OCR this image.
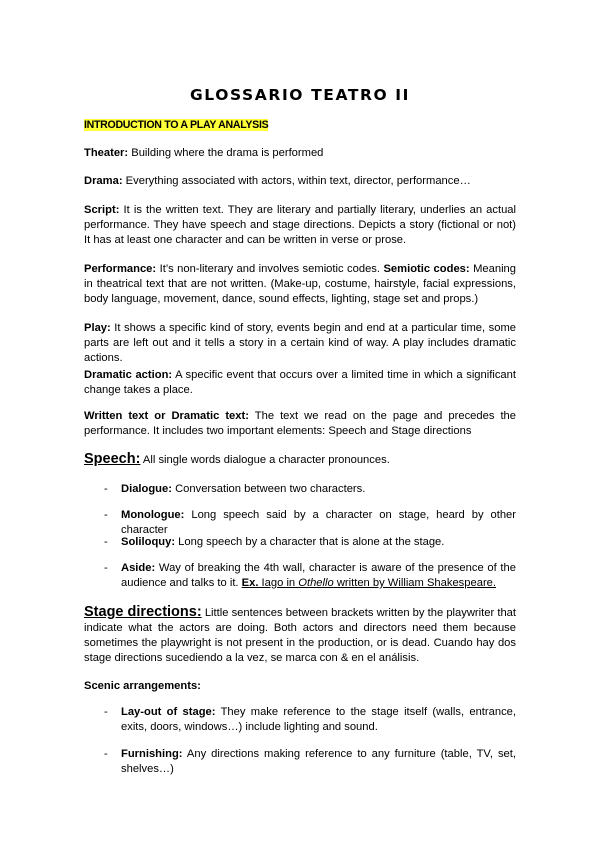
GLOSSARIO TEATRO II
INTRODUCTION TO A PLAY ANALYSIS
Theater: Building where the drama is performed
Drama: Everything associated with actors, within text, director, performance…
Script: It is the written text. They are literary and partially literary, underlies an actual performance. They have speech and stage directions. Depicts a story (fictional or not) It has at least one character and can be written in verse or prose.
Performance: It’s non-literary and involves semiotic codes. Semiotic codes: Meaning in theatrical text that are not written. (Make-up, costume, hairstyle, facial expressions, body language, movement, dance, sound effects, lighting, stage set and props.)
Play: It shows a specific kind of story, events begin and end at a particular time, some parts are left out and it tells a story in a certain kind of way. A play includes dramatic actions.
Dramatic action: A specific event that occurs over a limited time in which a significant change takes a place.
Written text or Dramatic text: The text we read on the page and precedes the performance. It includes two important elements: Speech and Stage directions
Speech: All single words dialogue a character pronounces.
- Dialogue: Conversation between two characters.
- Monologue: Long speech said by a character on stage, heard by other character
- Soliloquy: Long speech by a character that is alone at the stage.
- Aside: Way of breaking the 4th wall, character is aware of the presence of the audience and talks to it. Ex. Iago in Othello written by William Shakespeare.
Stage directions: Little sentences between brackets written by the playwriter that indicate what the actors are doing. Both actors and directors need them because sometimes the playwright is not present in the production, or is dead. Cuando hay dos stage directions sucediendo a la vez, se marca con & en el análisis.
Scenic arrangements:
- Lay-out of stage: They make reference to the stage itself (walls, entrance, exits, doors, windows…) include lighting and sound.
- Furnishing: Any directions making reference to any furniture (table, TV, set, shelves…)
